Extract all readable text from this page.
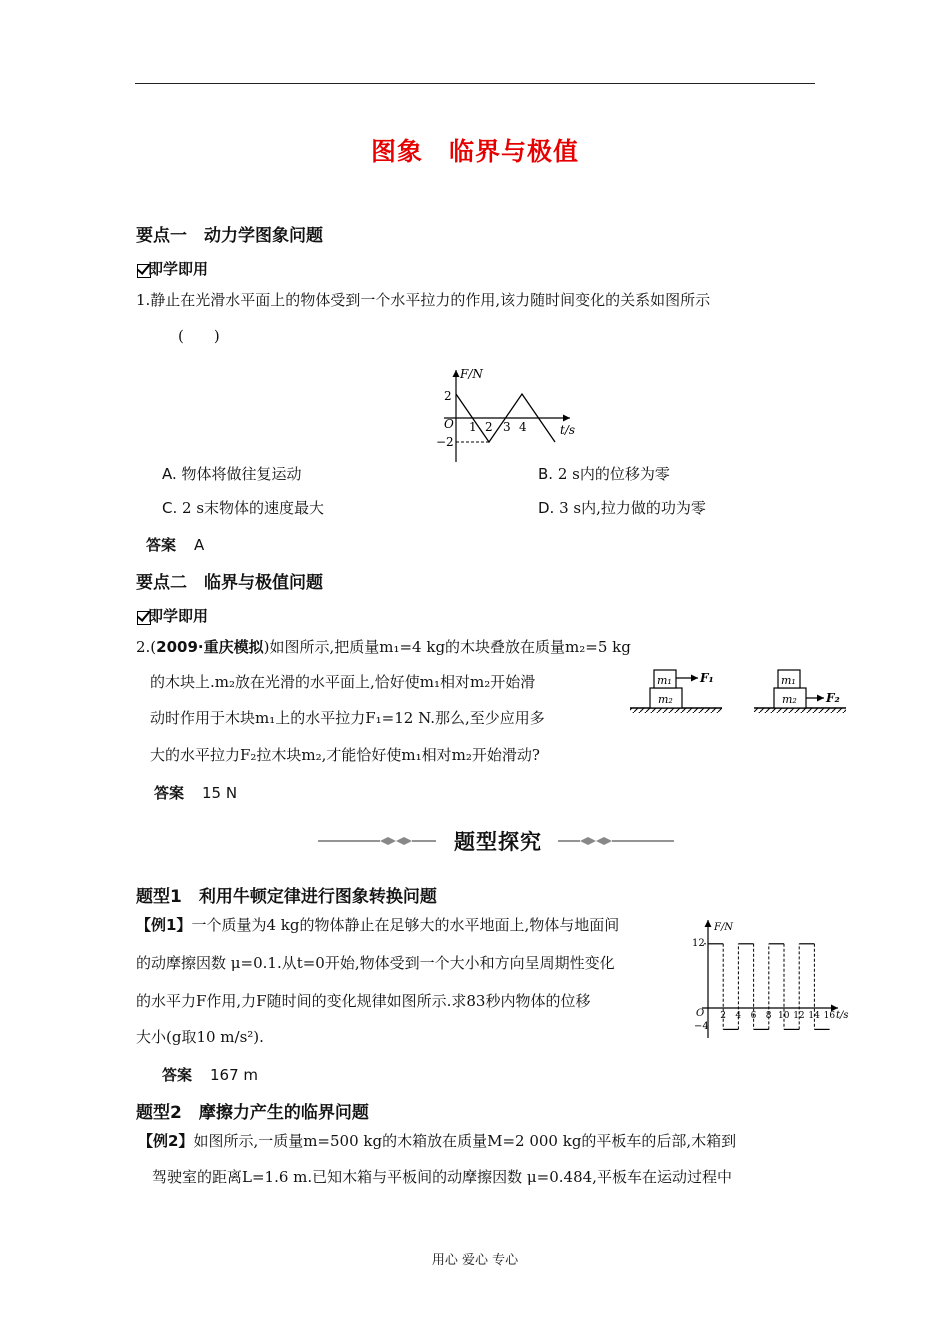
图象　临界与极值
要点一　动力学图象问题
即学即用
1.静止在光滑水平面上的物体受到一个水平拉力的作用,该力随时间变化的关系如图所示
(　　)
F/N
t/s
O
2
−2
1 2 3 4
A. 物体将做往复运动	B. 2 s内的位移为零
C. 2 s末物体的速度最大	D. 3 s内,拉力做的功为零
答案 A
要点二　临界与极值问题
即学即用
2.(2009·重庆模拟)如图所示,把质量m₁=4 kg的木块叠放在质量m₂=5 kg
的木块上.m₂放在光滑的水平面上,恰好使m₁相对m₂开始滑
动时作用于木块m₁上的水平拉力F₁=12 N.那么,至少应用多
大的水平拉力F₂拉木块m₂,才能恰好使m₁相对m₂开始滑动?
答案 15 N
m₁
m₂
F₁	m₁
m₂ F₂
题型探究
题型1　利用牛顿定律进行图象转换问题
【例1】一个质量为4 kg的物体静止在足够大的水平地面上,物体与地面间
的动摩擦因数 μ=0.1.从t=0开始,物体受到一个大小和方向呈周期性变化
的水平力F作用,力F随时间的变化规律如图所示.求83秒内物体的位移
大小(g取10 m/s²).
答案 167 m
F/N
t/s
O
12
−4
2 4 6 8 10 12 14 16
题型2　摩擦力产生的临界问题
【例2】如图所示,一质量m=500 kg的木箱放在质量M=2 000 kg的平板车的后部,木箱到
驾驶室的距离L=1.6 m.已知木箱与平板间的动摩擦因数 μ=0.484,平板车在运动过程中
用心 爱心 专心
